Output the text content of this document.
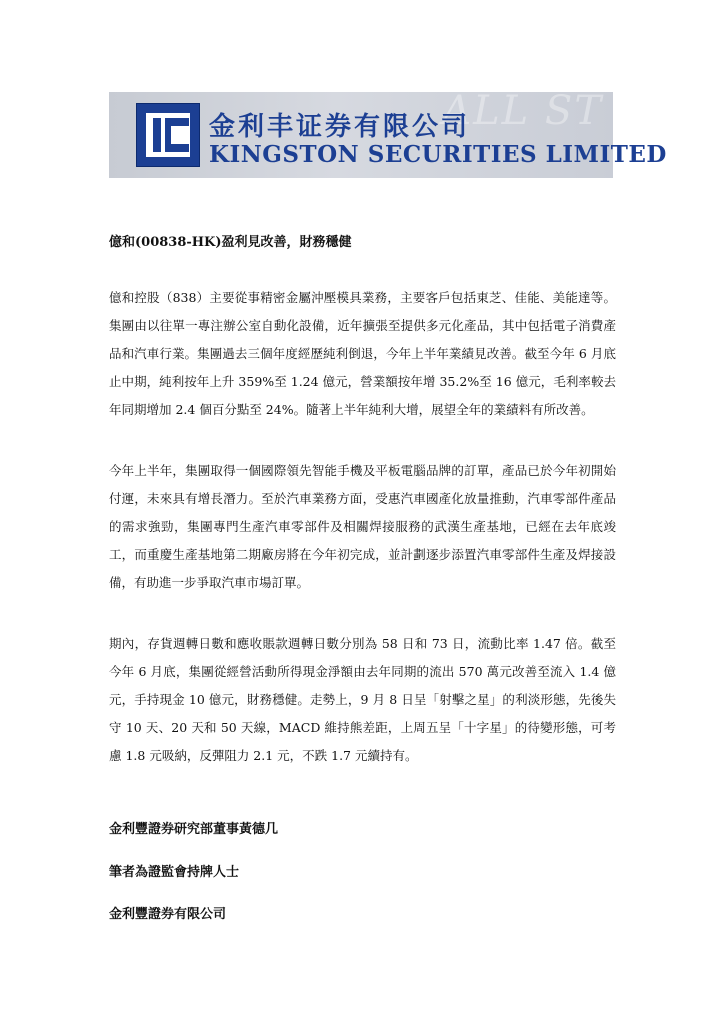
ALL ST
金利丰证券有限公司
KINGSTON SECURITIES LIMITED
億和(00838-HK)盈利見改善，財務穩健
億和控股（838）主要從事精密金屬沖壓模具業務，主要客戶包括東芝、佳能、美能達等。集團由以往單一專注辦公室自動化設備，近年擴張至提供多元化產品，其中包括電子消費產品和汽車行業。集團過去三個年度經歷純利倒退，今年上半年業績見改善。截至今年 6 月底止中期，純利按年上升 359%至 1.24 億元，營業額按年增 35.2%至 16 億元，毛利率較去年同期增加 2.4 個百分點至 24%。隨著上半年純利大增，展望全年的業績料有所改善。
今年上半年，集團取得一個國際領先智能手機及平板電腦品牌的訂單，產品已於今年初開始付運，未來具有增長潛力。至於汽車業務方面，受惠汽車國產化放量推動，汽車零部件產品的需求強勁，集團專門生產汽車零部件及相關焊接服務的武漢生產基地，已經在去年底竣工，而重慶生產基地第二期廠房將在今年初完成，並計劃逐步添置汽車零部件生產及焊接設備，有助進一步爭取汽車市場訂單。
期內，存貨週轉日數和應收賬款週轉日數分別為 58 日和 73 日，流動比率 1.47 倍。截至今年 6 月底，集團從經營活動所得現金淨額由去年同期的流出 570 萬元改善至流入 1.4 億元，手持現金 10 億元，財務穩健。走勢上，9 月 8 日呈「射擊之星」的利淡形態，先後失守 10 天、20 天和 50 天線，MACD 維持熊差距，上周五呈「十字星」的待變形態，可考慮 1.8 元吸納，反彈阻力 2.1 元，不跌 1.7 元續持有。
金利豐證券研究部董事黃德几
筆者為證監會持牌人士
金利豐證券有限公司
